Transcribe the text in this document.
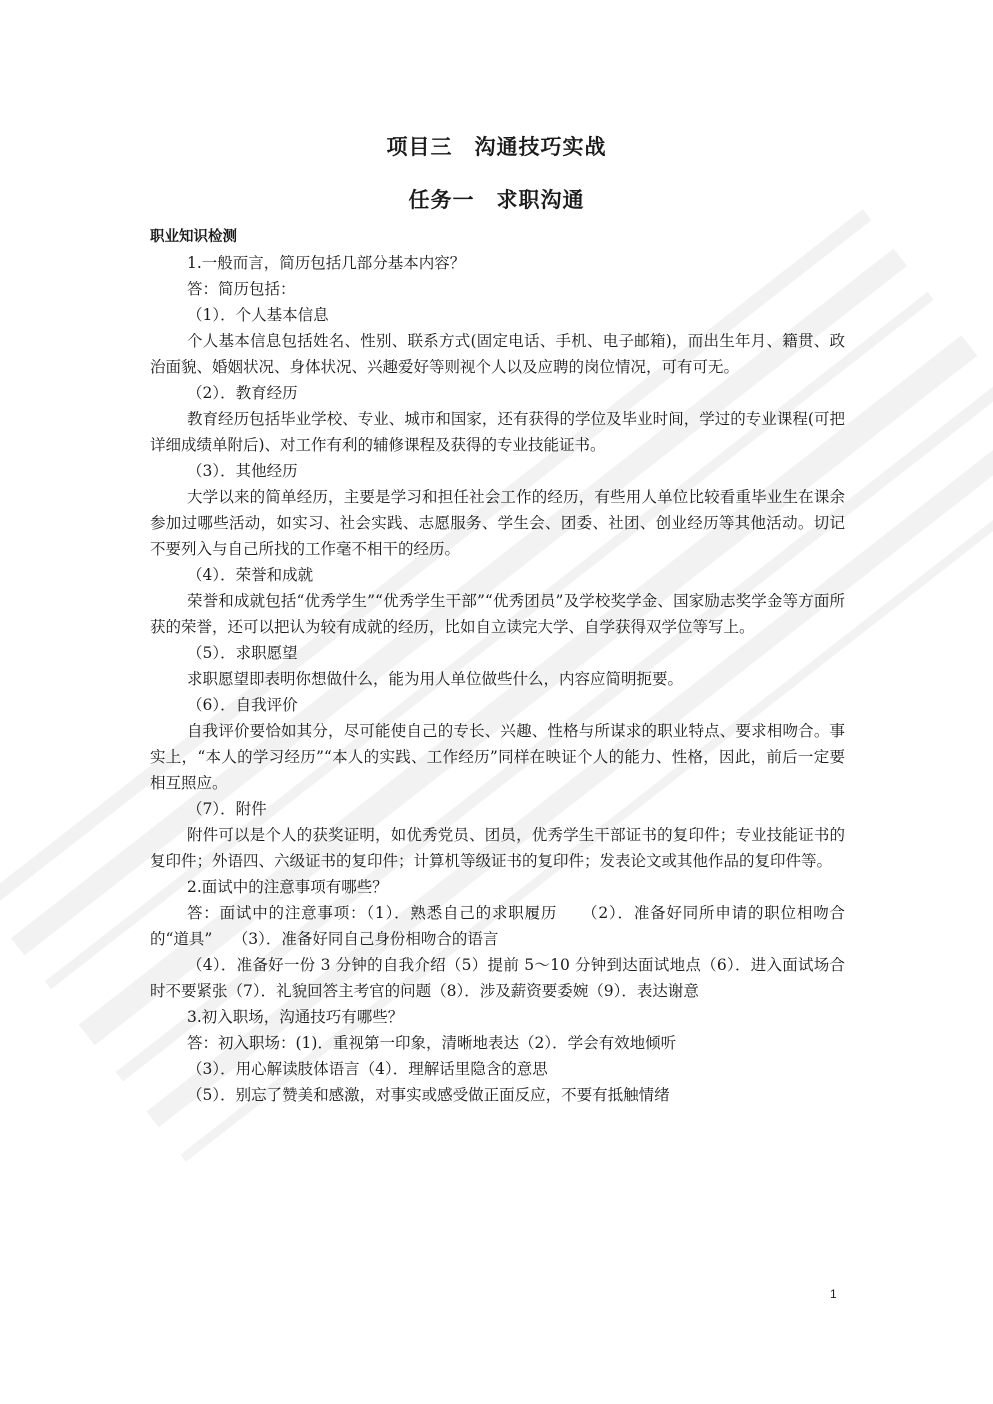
项目三　沟通技巧实战
任务一　求职沟通

职业知识检测

1.一般而言，简历包括几部分基本内容？

答：简历包括：

（1）．个人基本信息

个人基本信息包括姓名、性别、联系方式(固定电话、手机、电子邮箱)，而出生年月、籍贯、政治面貌、婚姻状况、身体状况、兴趣爱好等则视个人以及应聘的岗位情况，可有可无。

（2）．教育经历

教育经历包括毕业学校、专业、城市和国家，还有获得的学位及毕业时间，学过的专业课程(可把详细成绩单附后)、对工作有利的辅修课程及获得的专业技能证书。

（3）．其他经历

大学以来的简单经历，主要是学习和担任社会工作的经历，有些用人单位比较看重毕业生在课余参加过哪些活动，如实习、社会实践、志愿服务、学生会、团委、社团、创业经历等其他活动。切记不要列入与自己所找的工作毫不相干的经历。

（4）．荣誉和成就

荣誉和成就包括“优秀学生”“优秀学生干部”“优秀团员”及学校奖学金、国家励志奖学金等方面所获的荣誉，还可以把认为较有成就的经历，比如自立读完大学、自学获得双学位等写上。

（5）．求职愿望

求职愿望即表明你想做什么，能为用人单位做些什么，内容应简明扼要。

（6）．自我评价

自我评价要恰如其分，尽可能使自己的专长、兴趣、性格与所谋求的职业特点、要求相吻合。事实上，“本人的学习经历”“本人的实践、工作经历”同样在映证个人的能力、性格，因此，前后一定要相互照应。

（7）．附件

附件可以是个人的获奖证明，如优秀党员、团员，优秀学生干部证书的复印件；专业技能证书的复印件；外语四、六级证书的复印件；计算机等级证书的复印件；发表论文或其他作品的复印件等。

2.面试中的注意事项有哪些？

答：面试中的注意事项：（1）．熟悉自己的求职履历　　（2）．准备好同所申请的职位相吻合的“道具”　 （3）．准备好同自己身份相吻合的语言

（4）．准备好一份 3 分钟的自我介绍（5）提前 5～10 分钟到达面试地点（6）．进入面试场合时不要紧张（7）．礼貌回答主考官的问题（8）．涉及薪资要委婉（9）．表达谢意

3.初入职场，沟通技巧有哪些？

答：初入职场：(1)．重视第一印象，清晰地表达（2）．学会有效地倾听

（3）．用心解读肢体语言（4）．理解话里隐含的意思

（5）．别忘了赞美和感激，对事实或感受做正面反应，不要有抵触情绪

1
